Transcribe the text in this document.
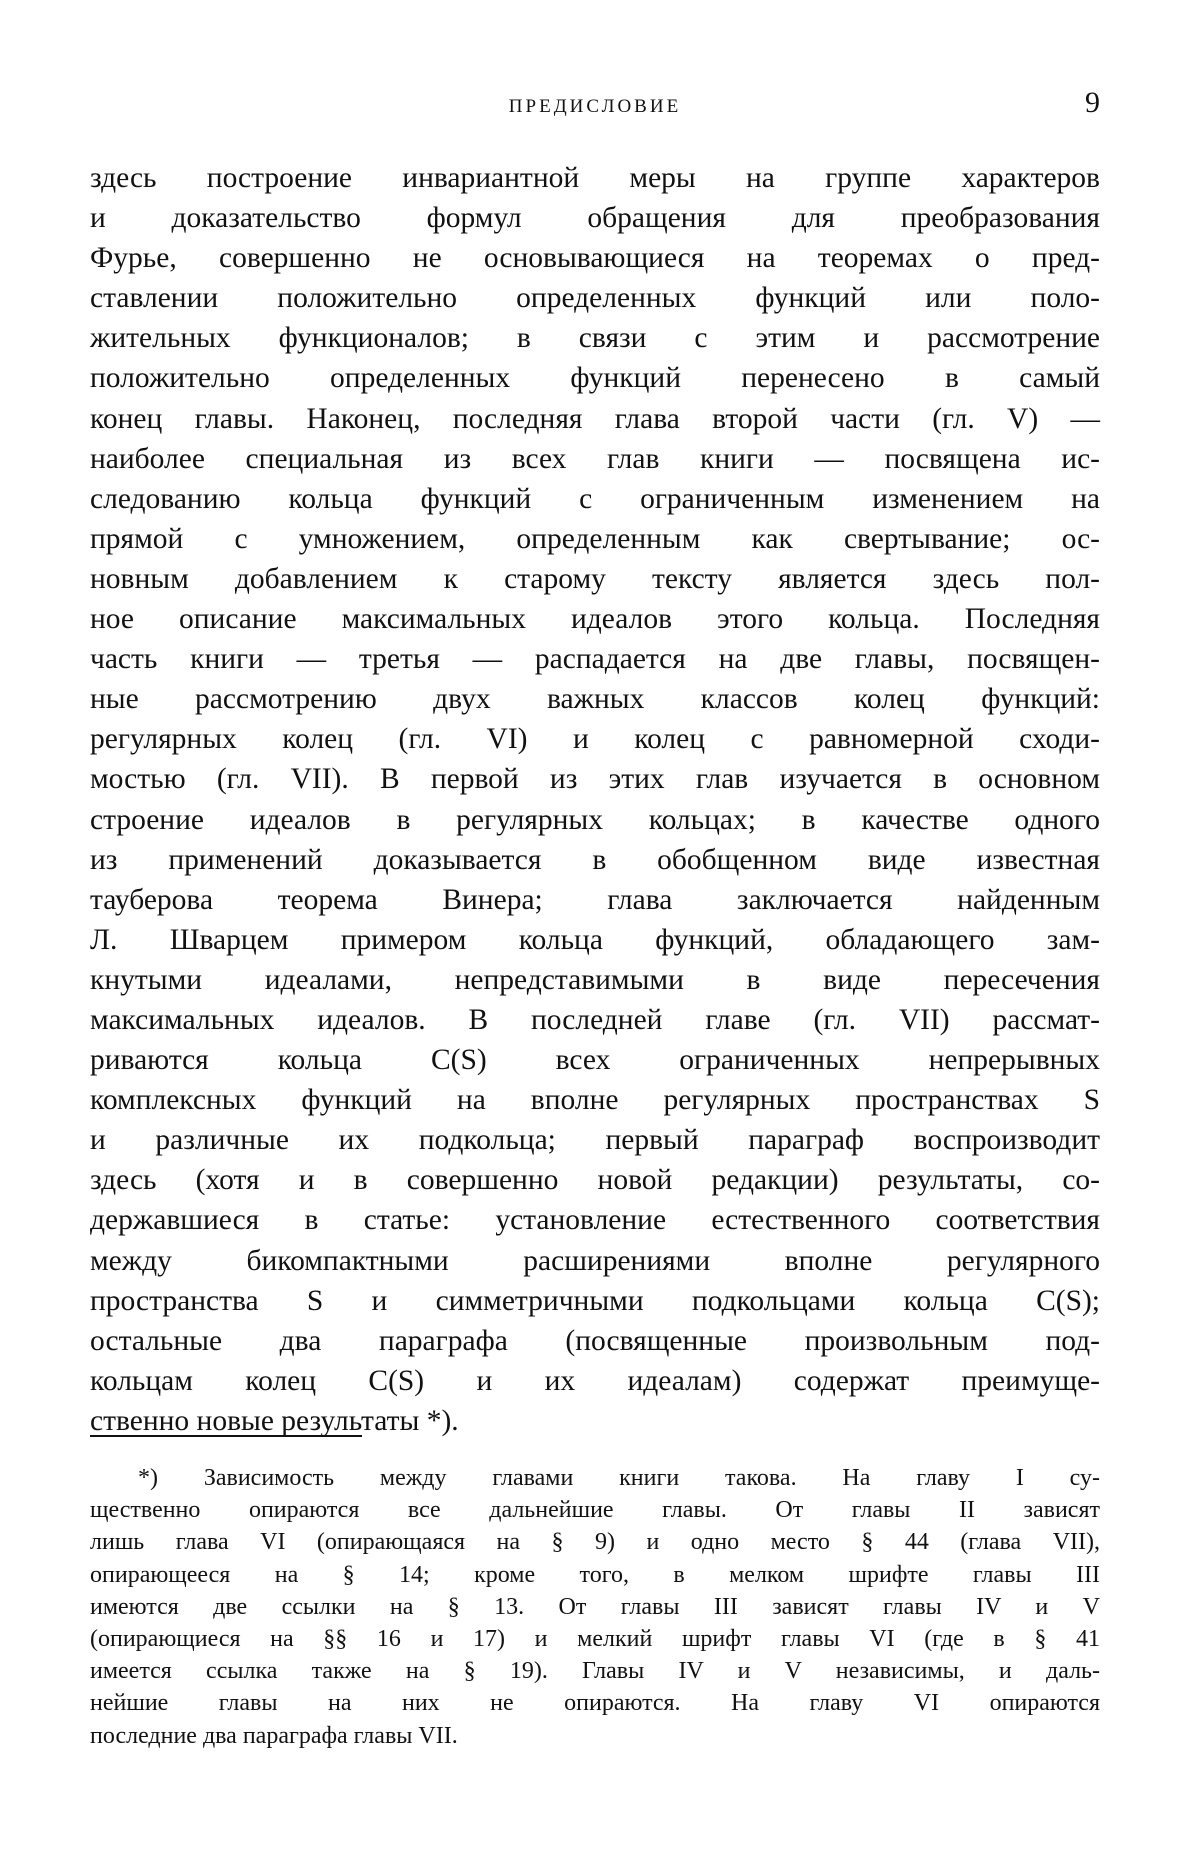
ПРЕДИСЛОВИЕ	9
здесь построение инвариантной меры на группе характеров
и доказательство формул обращения для преобразования
Фурье, совершенно не основывающиеся на теоремах о пред-
ставлении положительно определенных функций или поло-
жительных функционалов; в связи с этим и рассмотрение
положительно определенных функций перенесено в самый
конец главы. Наконец, последняя глава второй части (гл. V) —
наиболее специальная из всех глав книги — посвящена ис-
следованию кольца функций с ограниченным изменением на
прямой с умножением, определенным как свертывание; ос-
новным добавлением к старому тексту является здесь пол-
ное описание максимальных идеалов этого кольца. Последняя
часть книги — третья — распадается на две главы, посвящен-
ные рассмотрению двух важных классов колец функций:
регулярных колец (гл. VI) и колец с равномерной сходи-
мостью (гл. VII). В первой из этих глав изучается в основном
строение идеалов в регулярных кольцах; в качестве одного
из применений доказывается в обобщенном виде известная
тауберова теорема Винера; глава заключается найденным
Л. Шварцем примером кольца функций, обладающего зам-
кнутыми идеалами, непредставимыми в виде пересечения
максимальных идеалов. В последней главе (гл. VII) рассмат-
риваются кольца C(S) всех ограниченных непрерывных
комплексных функций на вполне регулярных пространствах S
и различные их подкольца; первый параграф воспроизводит
здесь (хотя и в совершенно новой редакции) результаты, со-
державшиеся в статье: установление естественного соответствия
между бикомпактными расширениями вполне регулярного
пространства S и симметричными подкольцами кольца C(S);
остальные два параграфа (посвященные произвольным под-
кольцам колец C(S) и их идеалам) содержат преимуще-
ственно новые результаты *).
*) Зависимость между главами книги такова. На главу I су-
щественно опираются все дальнейшие главы. От главы II зависят
лишь глава VI (опирающаяся на § 9) и одно место § 44 (глава VII),
опирающееся на § 14; кроме того, в мелком шрифте главы III
имеются две ссылки на § 13. От главы III зависят главы IV и V
(опирающиеся на §§ 16 и 17) и мелкий шрифт главы VI (где в § 41
имеется ссылка также на § 19). Главы IV и V независимы, и даль-
нейшие главы на них не опираются. На главу VI опираются
последние два параграфа главы VII.
